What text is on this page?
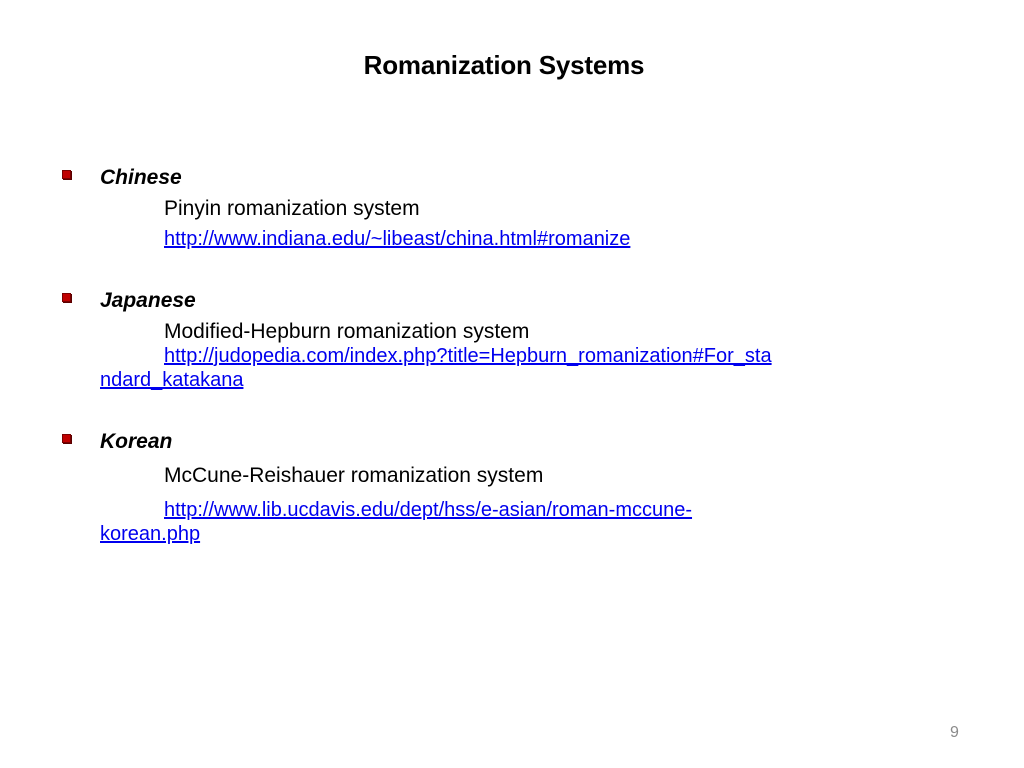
Romanization Systems
Chinese
Pinyin romanization system
http://www.indiana.edu/~libeast/china.html#romanize
Japanese
Modified-Hepburn romanization system
http://judopedia.com/index.php?title=Hepburn_romanization#For_sta
ndard_katakana
Korean
McCune-Reishauer romanization system
http://www.lib.ucdavis.edu/dept/hss/e-asian/roman-mccune-
korean.php
9
